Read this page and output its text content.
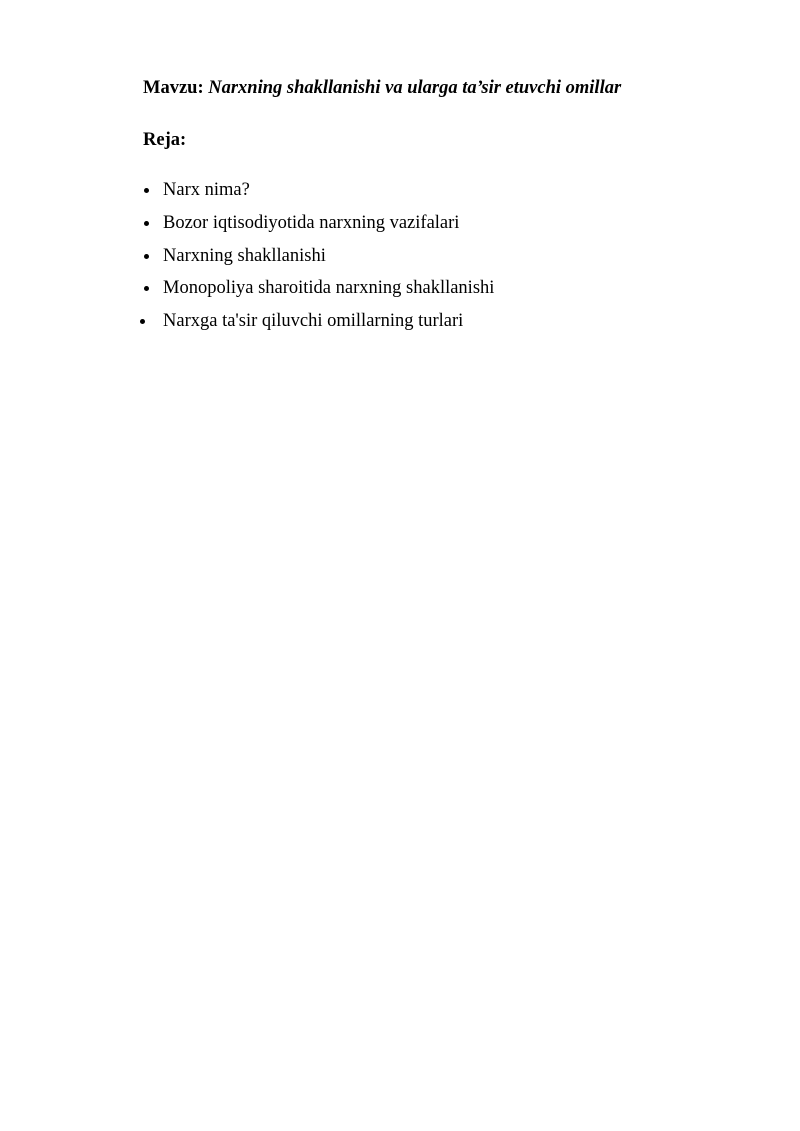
Mavzu: Narxning shakllanishi va ularga ta’sir etuvchi omillar
Reja:
Narx nima?
Bozor iqtisodiyotida narxning vazifalari
Narxning shakllanishi
Monopoliya sharoitida narxning shakllanishi
Narxga ta'sir qiluvchi omillarning turlari
